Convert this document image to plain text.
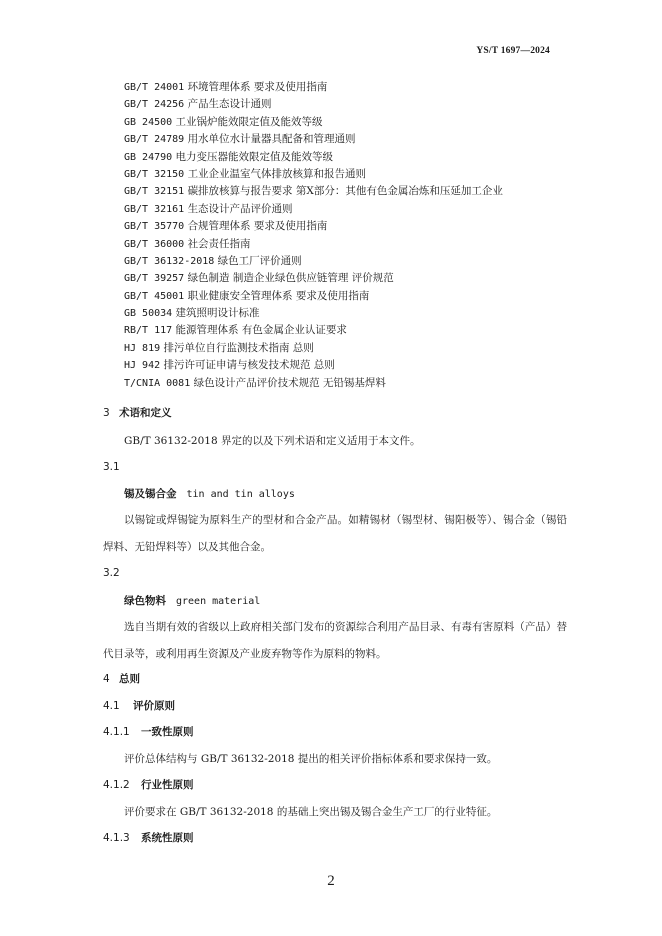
YS/T 1697—2024
GB/T 24001 环境管理体系 要求及使用指南
GB/T 24256 产品生态设计通则
GB 24500 工业锅炉能效限定值及能效等级
GB/T 24789 用水单位水计量器具配备和管理通则
GB 24790 电力变压器能效限定值及能效等级
GB/T 32150 工业企业温室气体排放核算和报告通则
GB/T 32151 碳排放核算与报告要求 第X部分：其他有色金属冶炼和压延加工企业
GB/T 32161 生态设计产品评价通则
GB/T 35770 合规管理体系 要求及使用指南
GB/T 36000 社会责任指南
GB/T 36132-2018 绿色工厂评价通则
GB/T 39257 绿色制造 制造企业绿色供应链管理 评价规范
GB/T 45001 职业健康安全管理体系 要求及使用指南
GB 50034 建筑照明设计标准
RB/T 117 能源管理体系 有色金属企业认证要求
HJ 819 排污单位自行监测技术指南 总则
HJ 942 排污许可证申请与核发技术规范 总则
T/CNIA 0081 绿色设计产品评价技术规范 无铅锡基焊料
3 术语和定义
GB/T 36132-2018 界定的以及下列术语和定义适用于本文件。
3.1
锡及锡合金 tin and tin alloys
以锡锭或焊锡锭为原料生产的型材和合金产品。如精锡材（锡型材、锡阳极等）、锡合金（锡铅焊料、无铅焊料等）以及其他合金。
3.2
绿色物料 green material
选自当期有效的省级以上政府相关部门发布的资源综合利用产品目录、有毒有害原料（产品）替代目录等，或利用再生资源及产业废弃物等作为原料的物料。
4 总则
4.1 评价原则
4.1.1 一致性原则
评价总体结构与 GB/T 36132-2018 提出的相关评价指标体系和要求保持一致。
4.1.2 行业性原则
评价要求在 GB/T 36132-2018 的基础上突出锡及锡合金生产工厂的行业特征。
4.1.3 系统性原则
2
